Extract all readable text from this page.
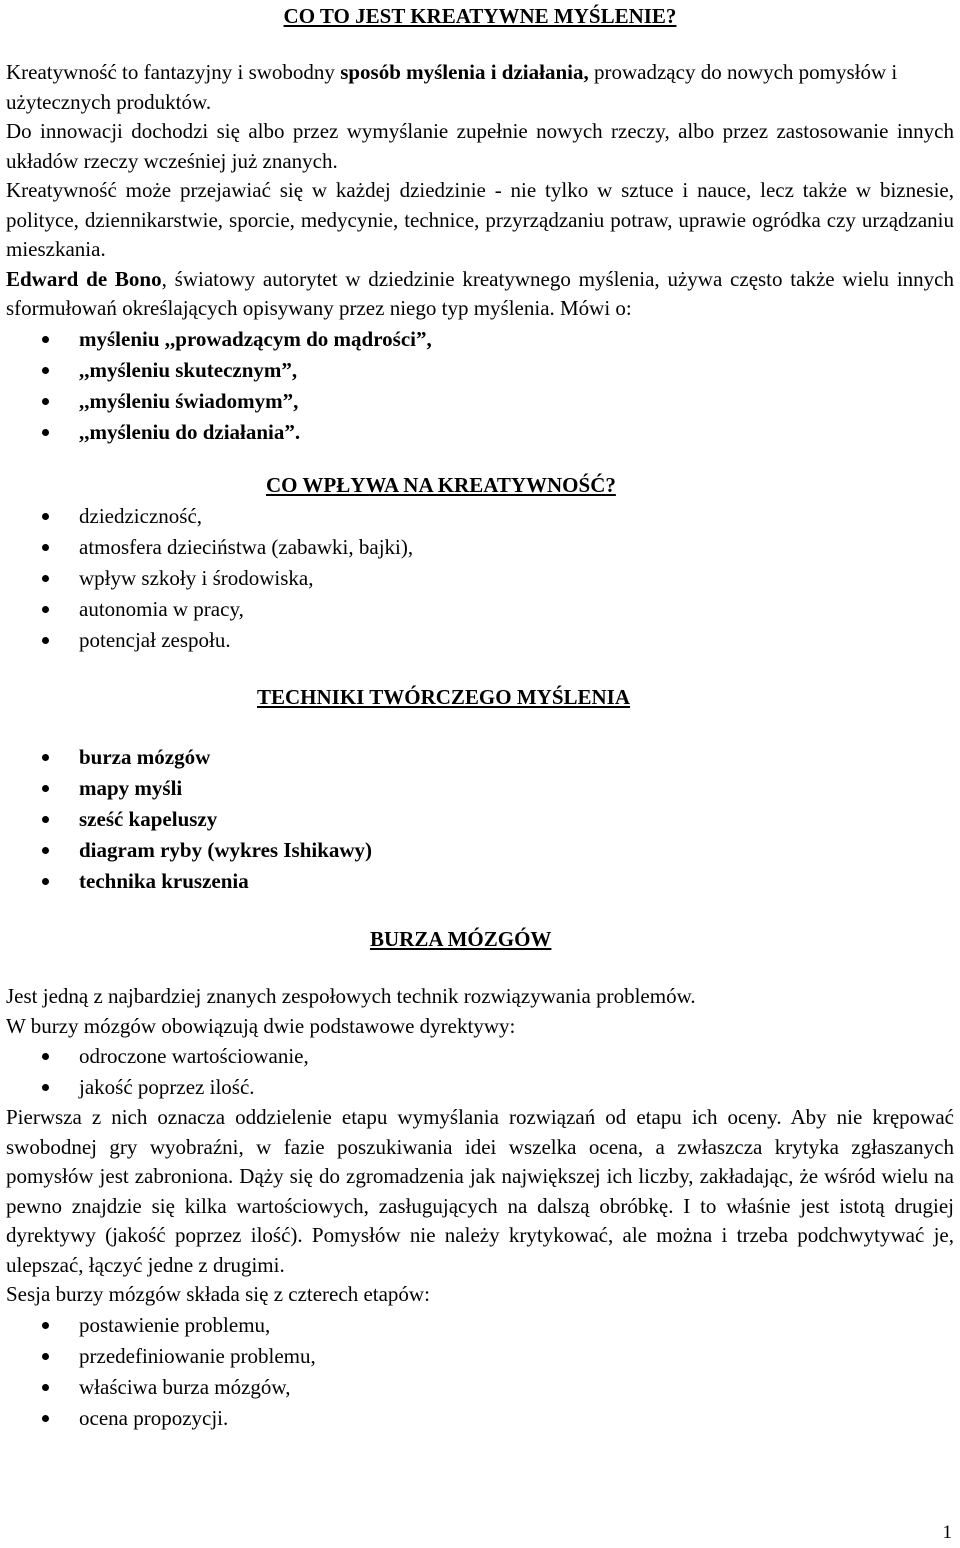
CO TO JEST KREATYWNE MYŚLENIE?

Kreatywność to fantazyjny i swobodny sposób myślenia i działania, prowadzący do nowych pomysłów i użytecznych produktów.

Do innowacji dochodzi się albo przez wymyślanie zupełnie nowych rzeczy, albo przez zastosowanie innych układów rzeczy wcześniej już znanych.

Kreatywność może przejawiać się w każdej dziedzinie - nie tylko w sztuce i nauce, lecz także w biznesie, polityce, dziennikarstwie, sporcie, medycynie, technice, przyrządzaniu potraw, uprawie ogródka czy urządzaniu mieszkania.

Edward de Bono, światowy autorytet w dziedzinie kreatywnego myślenia, używa często także wielu innych sformułowań określających opisywany przez niego typ myślenia. Mówi o:

myśleniu ,,prowadzącym do mądrości”,
,,myśleniu skutecznym”,
,,myśleniu świadomym”,
,,myśleniu do działania”.
CO WPŁYWA NA KREATYWNOŚĆ?
dziedziczność,
atmosfera dzieciństwa (zabawki, bajki),
wpływ szkoły i środowiska,
autonomia w pracy,
potencjał zespołu.
TECHNIKI TWÓRCZEGO MYŚLENIA
burza mózgów
mapy myśli
sześć kapeluszy
diagram ryby (wykres Ishikawy)
technika kruszenia
BURZA MÓZGÓW

Jest jedną z najbardziej znanych zespołowych technik rozwiązywania problemów.

W burzy mózgów obowiązują dwie podstawowe dyrektywy:

odroczone wartościowanie,
jakość poprzez ilość.

Pierwsza z nich oznacza oddzielenie etapu wymyślania rozwiązań od etapu ich oceny. Aby nie krępować swobodnej gry wyobraźni, w fazie poszukiwania idei wszelka ocena, a zwłaszcza krytyka zgłaszanych pomysłów jest zabroniona. Dąży się do zgromadzenia jak największej ich liczby, zakładając, że wśród wielu na pewno znajdzie się kilka wartościowych, zasługujących na dalszą obróbkę. I to właśnie jest istotą drugiej dyrektywy (jakość poprzez ilość). Pomysłów nie należy krytykować, ale można i trzeba podchwytywać je, ulepszać, łączyć jedne z drugimi.

Sesja burzy mózgów składa się z czterech etapów:

postawienie problemu,
przedefiniowanie problemu,
właściwa burza mózgów,
ocena propozycji.
1
